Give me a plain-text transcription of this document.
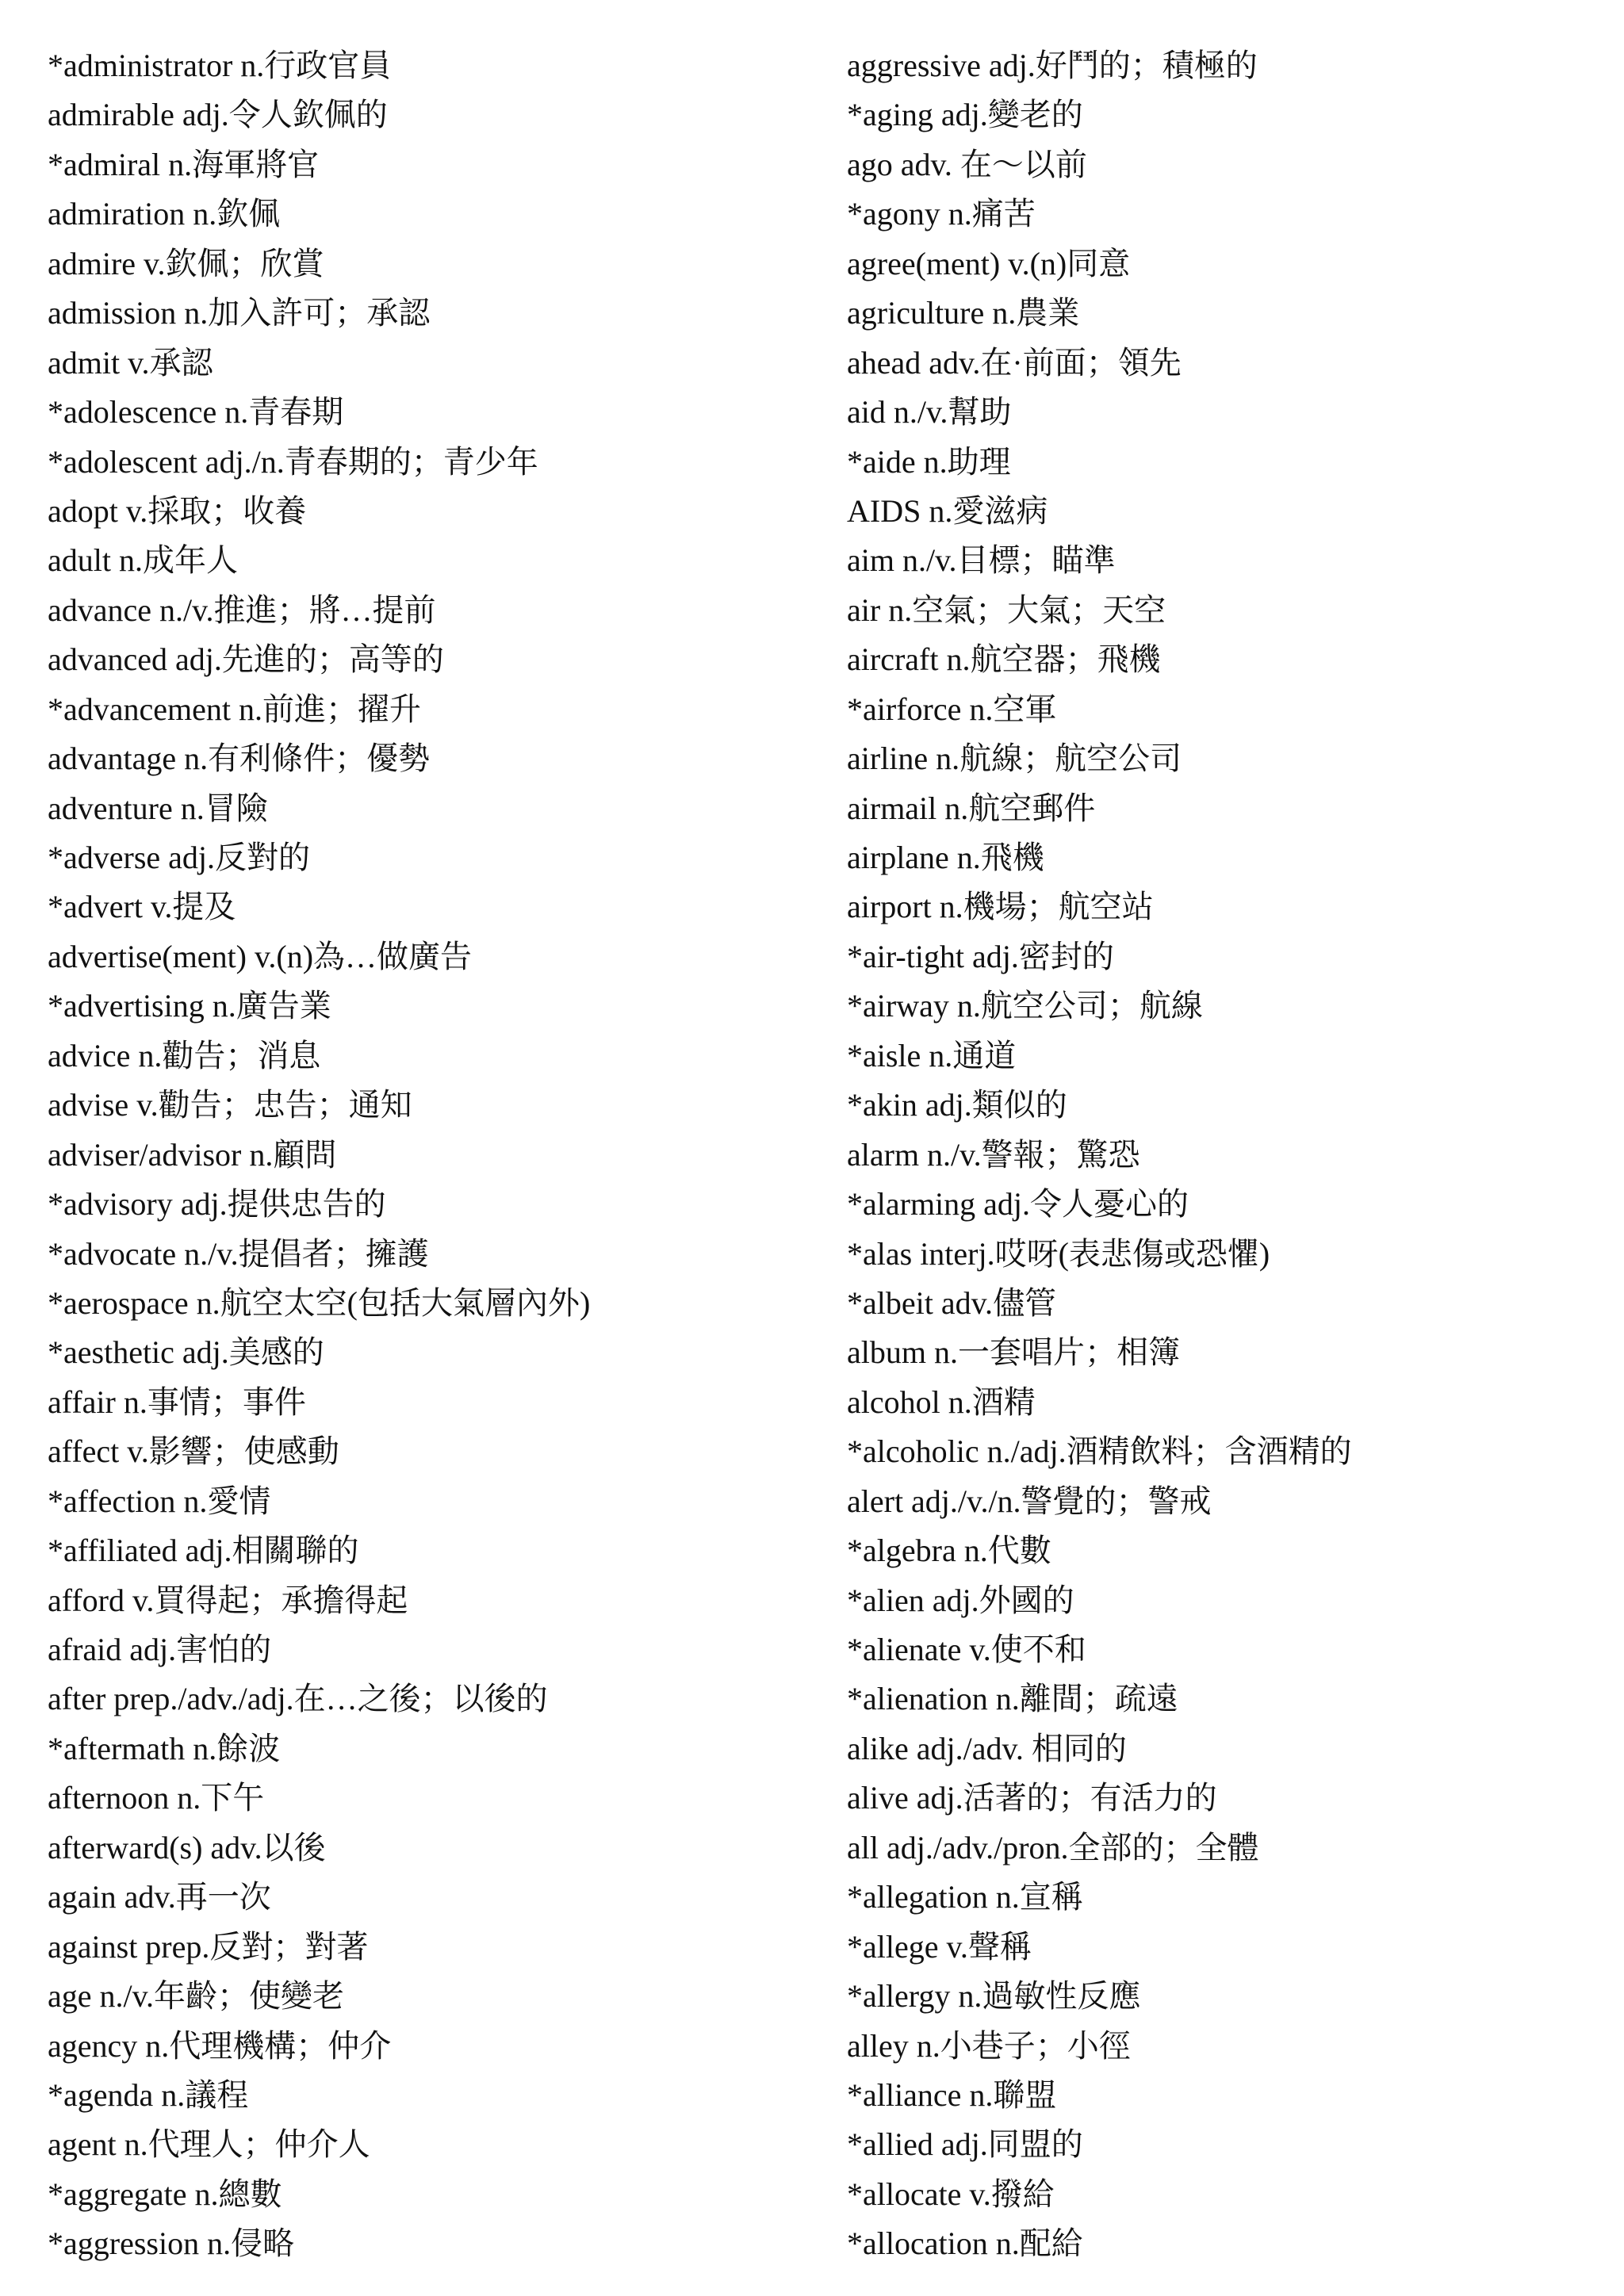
*administrator n.行政官員
admirable adj.令人欽佩的
*admiral n.海軍將官
admiration n.欽佩
admire v.欽佩；欣賞
admission n.加入許可；承認
admit v.承認
*adolescence n.青春期
*adolescent adj./n.青春期的；青少年
adopt v.採取；收養
adult n.成年人
advance n./v.推進；將…提前
advanced adj.先進的；高等的
*advancement n.前進；擢升
advantage n.有利條件；優勢
adventure n.冒險
*adverse adj.反對的
*advert v.提及
advertise(ment) v.(n)為…做廣告
*advertising n.廣告業
advice n.勸告；消息
advise v.勸告；忠告；通知
adviser/advisor n.顧問
*advisory adj.提供忠告的
*advocate n./v.提倡者；擁護
*aerospace n.航空太空(包括大氣層內外)
*aesthetic adj.美感的
affair n.事情；事件
affect v.影響；使感動
*affection n.愛情
*affiliated adj.相關聯的
afford v.買得起；承擔得起
afraid adj.害怕的
after prep./adv./adj.在…之後；以後的
*aftermath n.餘波
afternoon n.下午
afterward(s) adv.以後
again adv.再一次
against prep.反對；對著
age n./v.年齡；使變老
agency n.代理機構；仲介
*agenda n.議程
agent n.代理人；仲介人
*aggregate n.總數
*aggression n.侵略
aggressive adj.好鬥的；積極的
*aging adj.變老的
ago adv. 在～以前
*agony n.痛苦
agree(ment) v.(n)同意
agriculture n.農業
ahead adv.在·前面；領先
aid n./v.幫助
*aide n.助理
AIDS n.愛滋病
aim n./v.目標；瞄準
air n.空氣；大氣；天空
aircraft n.航空器；飛機
*airforce n.空軍
airline n.航線；航空公司
airmail n.航空郵件
airplane n.飛機
airport n.機場；航空站
*air-tight adj.密封的
*airway n.航空公司；航線
*aisle n.通道
*akin adj.類似的
alarm n./v.警報；驚恐
*alarming adj.令人憂心的
*alas interj.哎呀(表悲傷或恐懼)
*albeit adv.儘管
album n.一套唱片；相簿
alcohol n.酒精
*alcoholic n./adj.酒精飲料；含酒精的
alert adj./v./n.警覺的；警戒
*algebra n.代數
*alien adj.外國的
*alienate v.使不和
*alienation n.離間；疏遠
alike adj./adv. 相同的
alive adj.活著的；有活力的
all adj./adv./pron.全部的；全體
*allegation n.宣稱
*allege v.聲稱
*allergy n.過敏性反應
alley n.小巷子；小徑
*alliance n.聯盟
*allied adj.同盟的
*allocate v.撥給
*allocation n.配給
